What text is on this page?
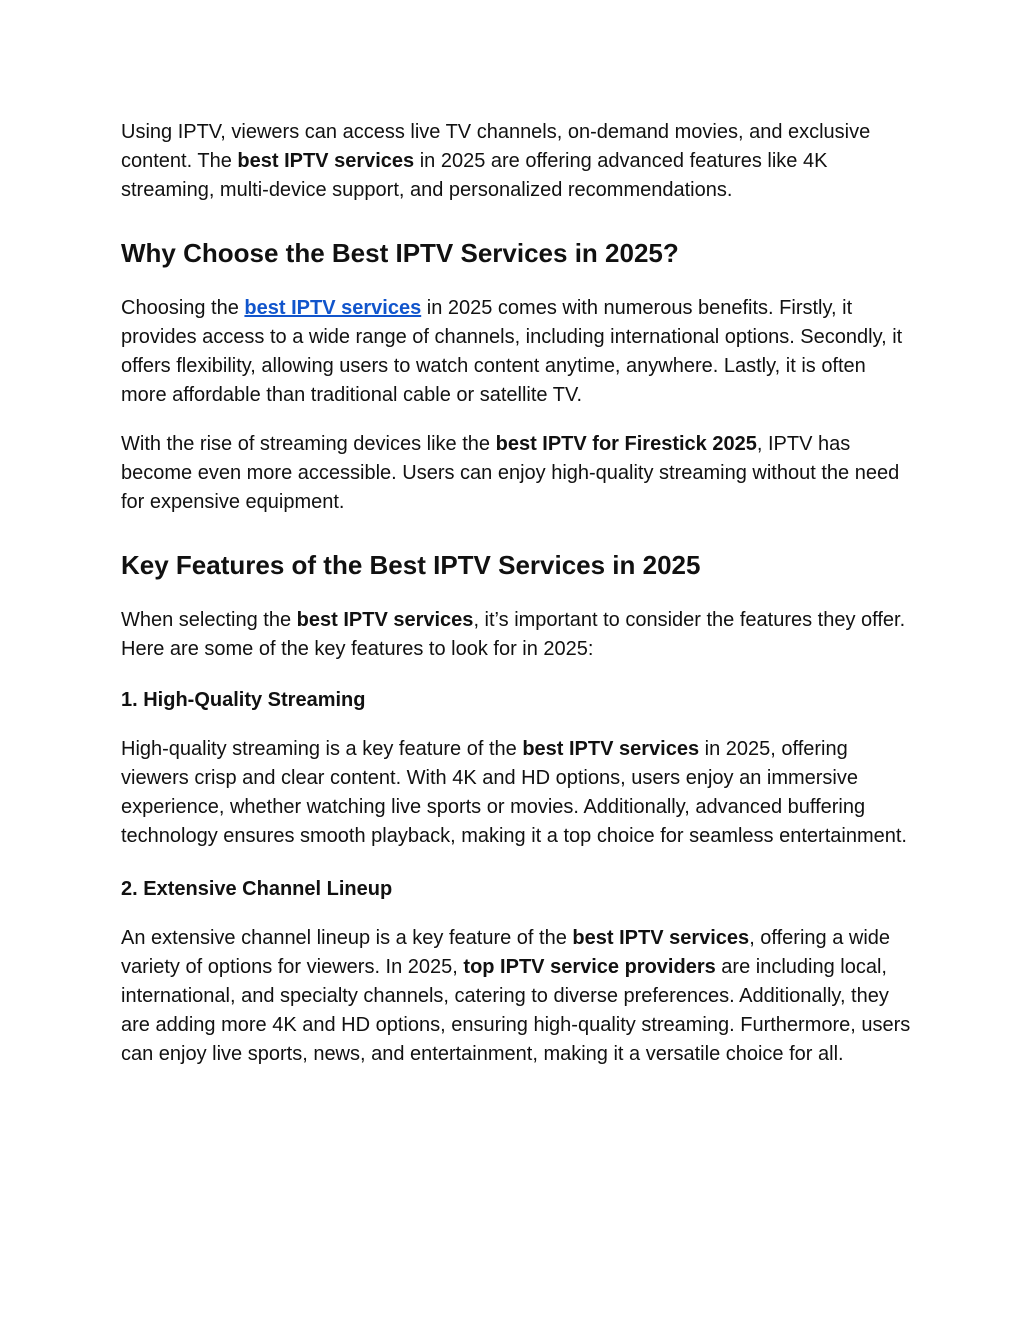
Using IPTV, viewers can access live TV channels, on-demand movies, and exclusive content. The best IPTV services in 2025 are offering advanced features like 4K streaming, multi-device support, and personalized recommendations.

Why Choose the Best IPTV Services in 2025?

Choosing the best IPTV services in 2025 comes with numerous benefits. Firstly, it provides access to a wide range of channels, including international options. Secondly, it offers flexibility, allowing users to watch content anytime, anywhere. Lastly, it is often more affordable than traditional cable or satellite TV.

With the rise of streaming devices like the best IPTV for Firestick 2025, IPTV has become even more accessible. Users can enjoy high-quality streaming without the need for expensive equipment.

Key Features of the Best IPTV Services in 2025

When selecting the best IPTV services, it’s important to consider the features they offer. Here are some of the key features to look for in 2025:

1. High-Quality Streaming

High-quality streaming is a key feature of the best IPTV services in 2025, offering viewers crisp and clear content. With 4K and HD options, users enjoy an immersive experience, whether watching live sports or movies. Additionally, advanced buffering technology ensures smooth playback, making it a top choice for seamless entertainment.

2. Extensive Channel Lineup

An extensive channel lineup is a key feature of the best IPTV services, offering a wide variety of options for viewers. In 2025, top IPTV service providers are including local, international, and specialty channels, catering to diverse preferences. Additionally, they are adding more 4K and HD options, ensuring high-quality streaming. Furthermore, users can enjoy live sports, news, and entertainment, making it a versatile choice for all.
